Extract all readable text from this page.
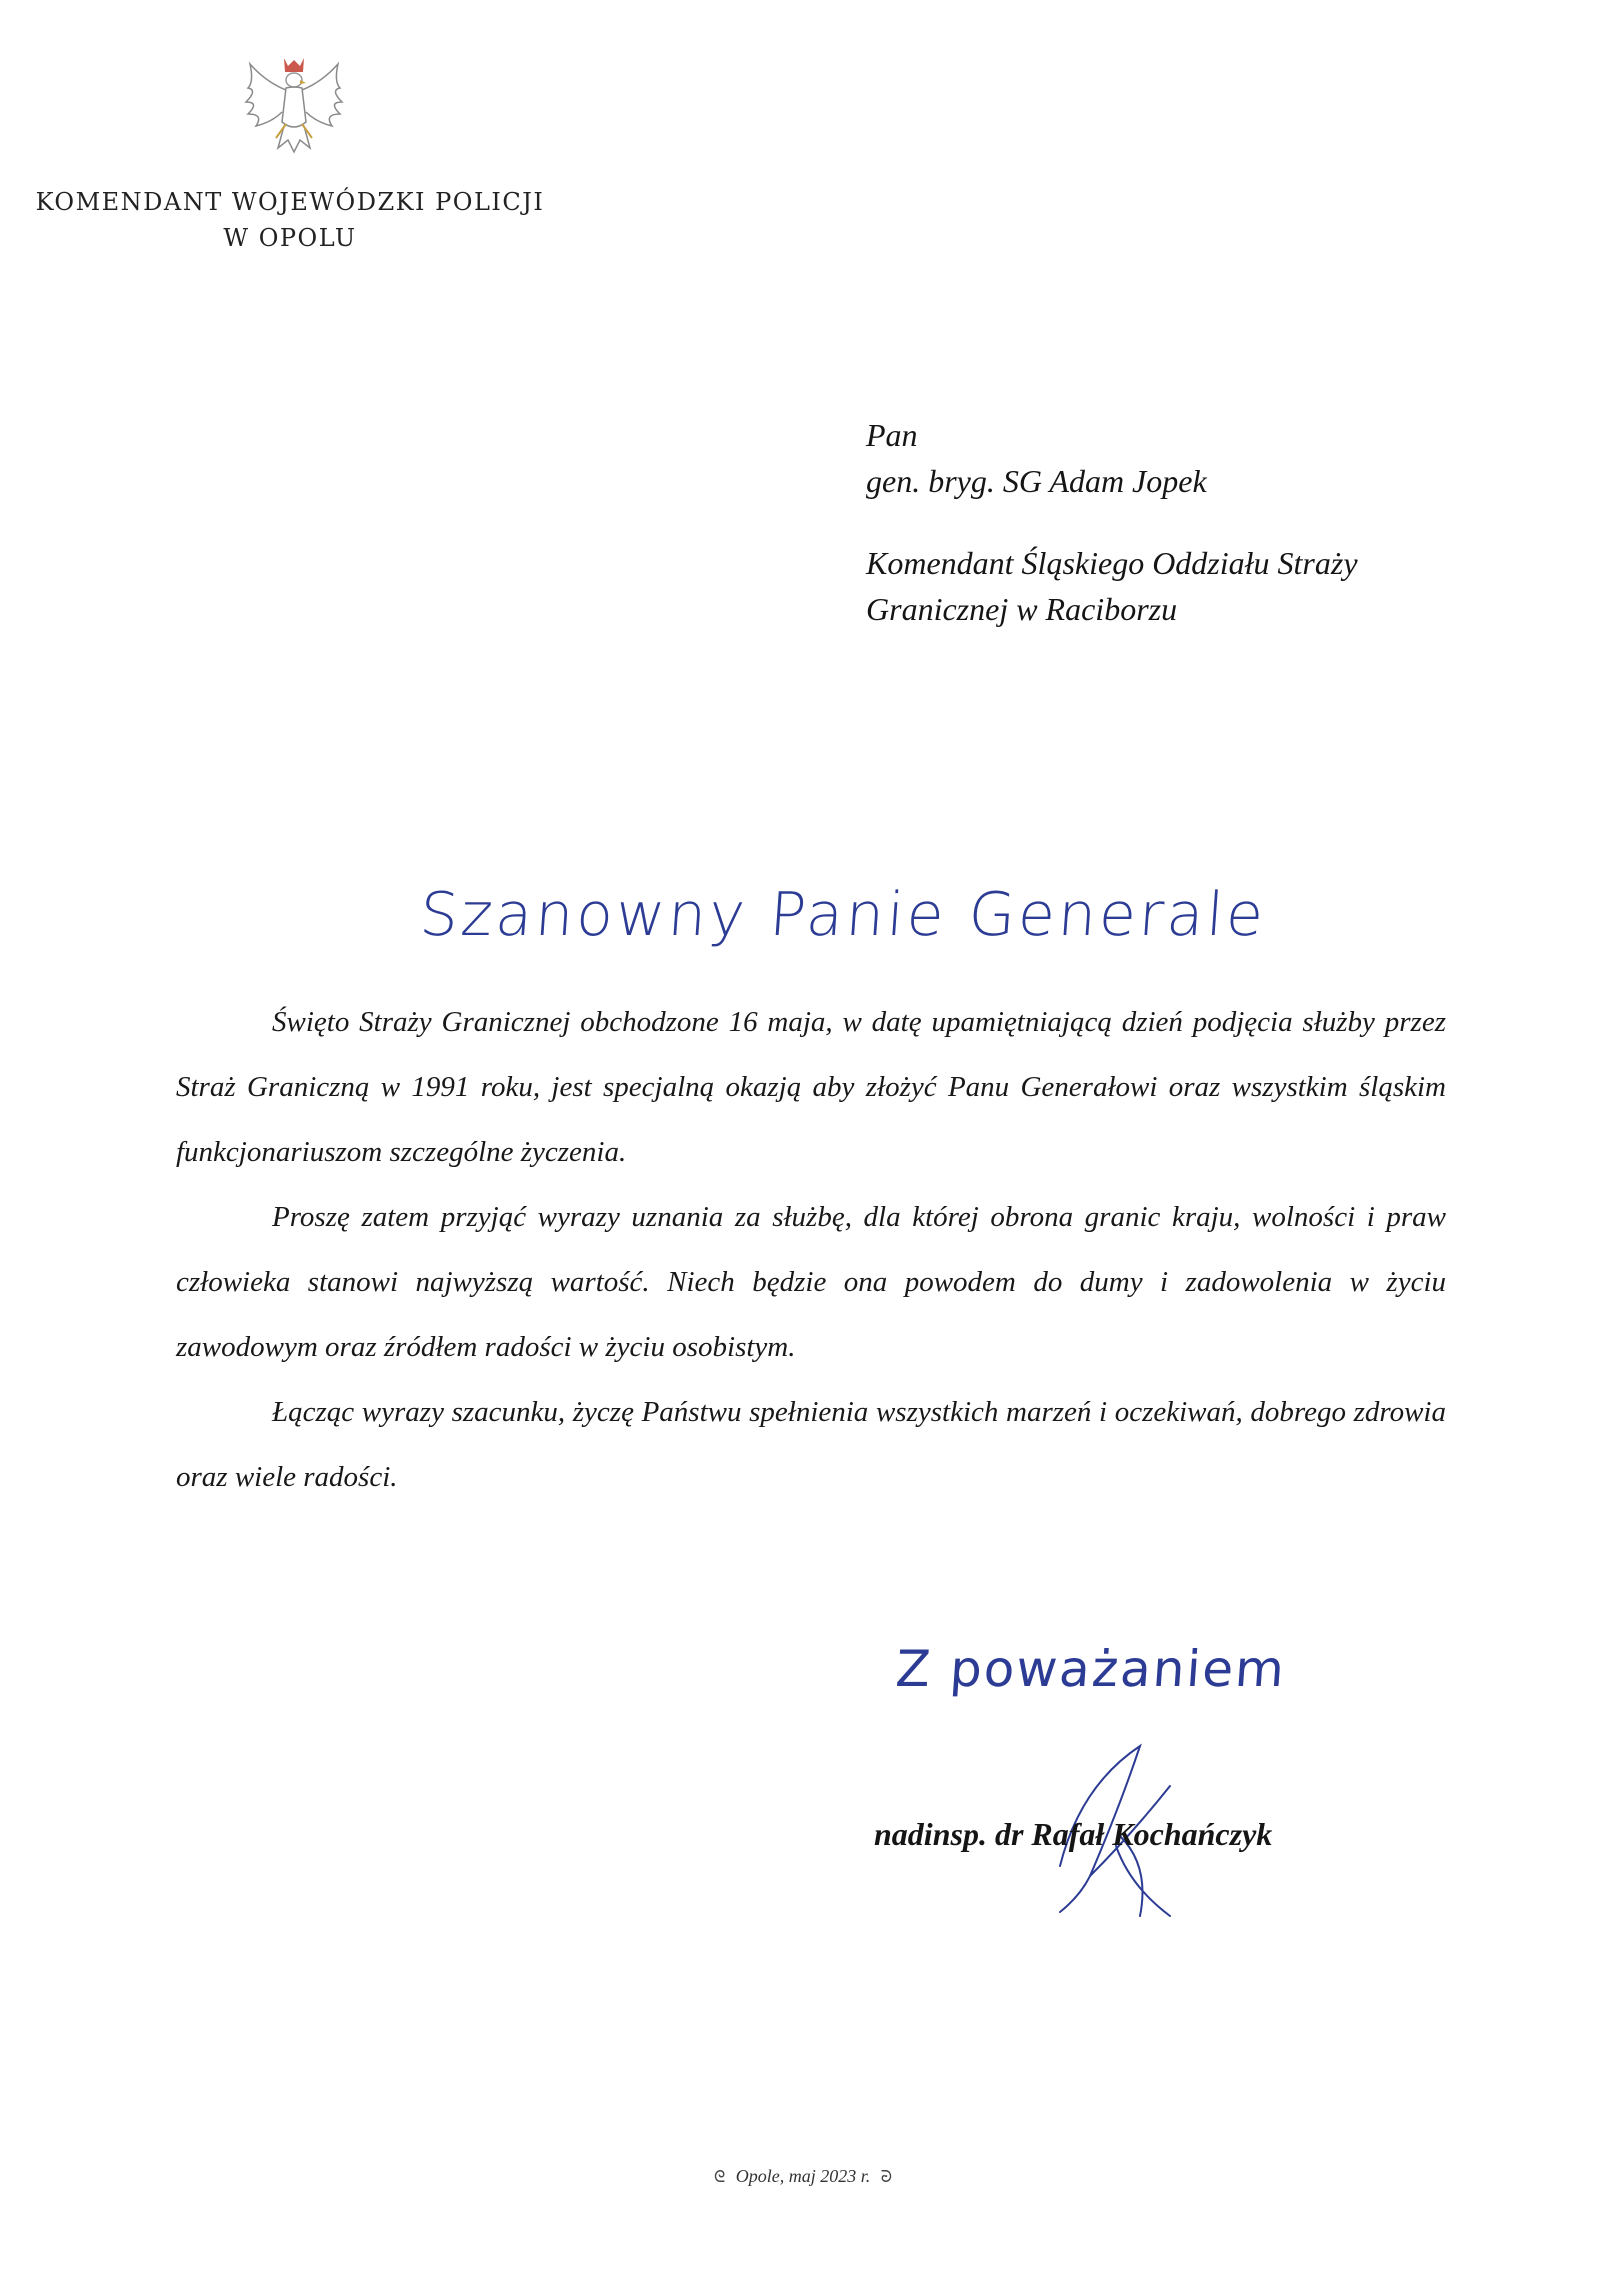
KOMENDANT WOJEWÓDZKI POLICJI
W OPOLU
Pan
gen. bryg. SG Adam Jopek
Komendant Śląskiego Oddziału Straży
Granicznej w Raciborzu
Szanowny Panie Generale

Święto Straży Granicznej obchodzone 16 maja, w datę upamiętniającą dzień podjęcia służby przez Straż Graniczną w 1991 roku, jest specjalną okazją aby złożyć Panu Generałowi oraz wszystkim śląskim funkcjonariuszom szczególne życzenia.

Proszę zatem przyjąć wyrazy uznania za służbę, dla której obrona granic kraju, wolności i praw człowieka stanowi najwyższą wartość. Niech będzie ona powodem do dumy i zadowolenia w życiu zawodowym oraz źródłem radości w życiu osobistym.

Łącząc wyrazy szacunku, życzę Państwu spełnienia wszystkich marzeń i oczekiwań, dobrego zdrowia oraz wiele radości.

Z poważaniem
nadinsp. dr Rafał Kochańczyk
ᘓ Opole, maj 2023 r. ᘒ
